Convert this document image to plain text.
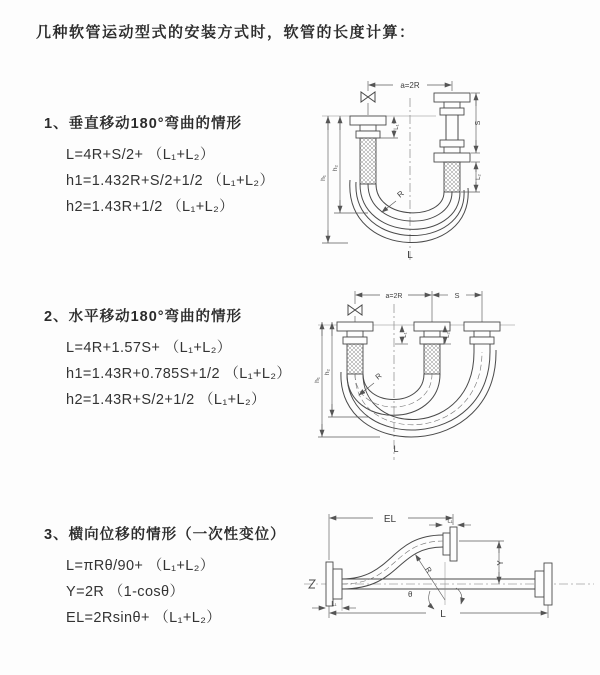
几种软管运动型式的安装方式时，软管的长度计算：
1、垂直移动180°弯曲的情形
L=4R+S/2+ （L₁+L₂）
h1=1.432R+S/2+1/2 （L₁+L₂）
h2=1.43R+1/2 （L₁+L₂）
a=2R
h₁
h₂
L₁
S
L₂
R
L
2、水平移动180°弯曲的情形
L=4R+1.57S+ （L₁+L₂）
h1=1.43R+0.785S+1/2 （L₁+L₂）
h2=1.43R+S/2+1/2 （L₁+L₂）
a=2R	S
h₁
h₂
L₁	L₂
R
L
3、横向位移的情形（一次性变位）
L=πRθ/90+ （L₁+L₂）
Y=2R （1-cosθ）
EL=2Rsinθ+ （L₁+L₂）
EL	L₁
Y
R
θ
L
L₁
